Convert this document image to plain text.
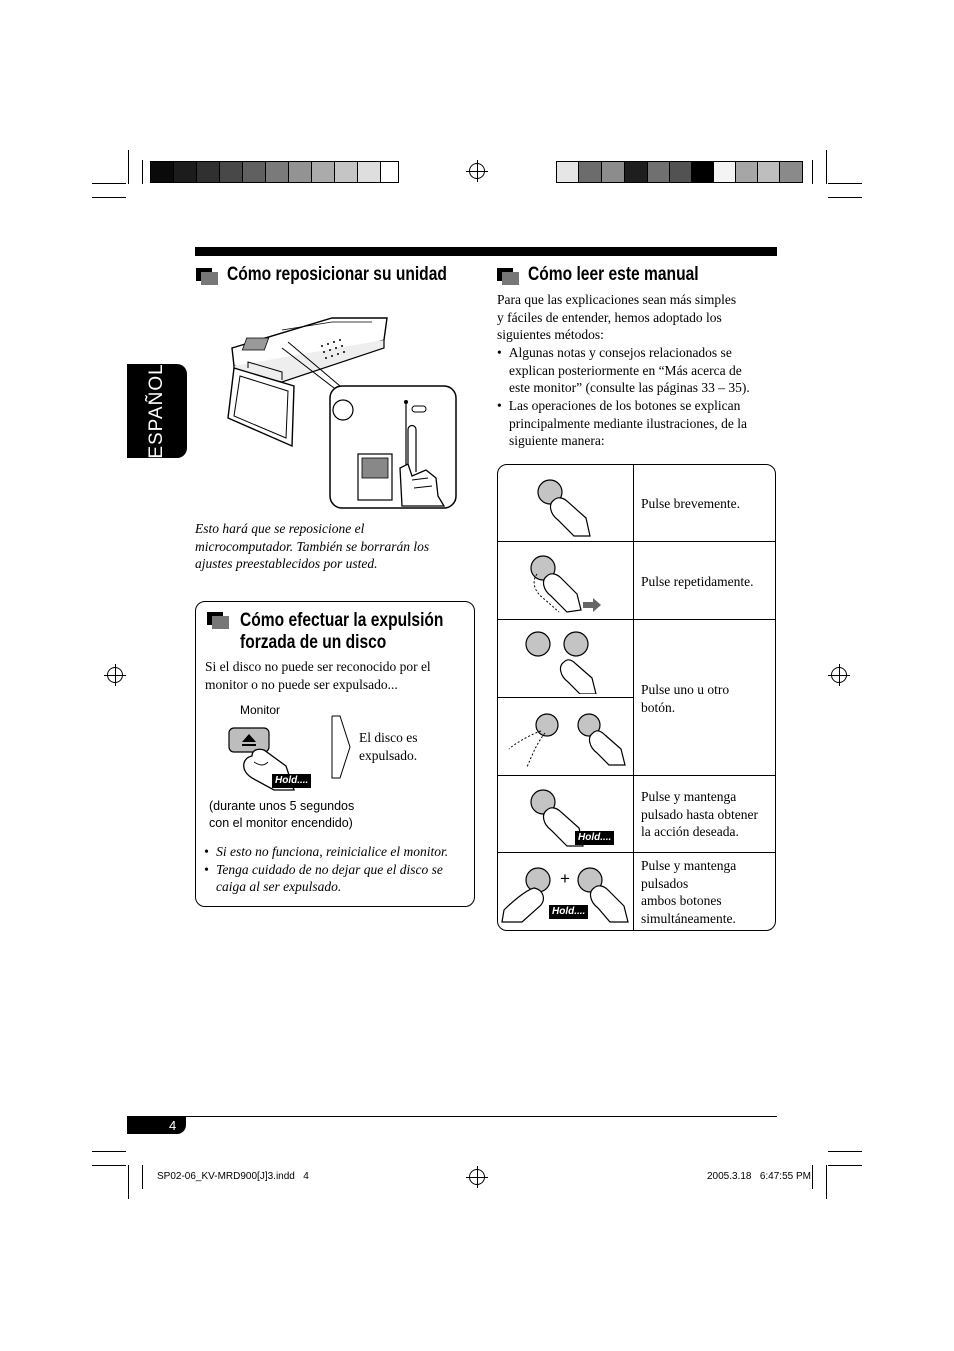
ESPAÑOL
Cómo reposicionar su unidad
Esto hará que se reposicione el
microcomputador. También se borrarán los
ajustes preestablecidos por usted.
Cómo efectuar la expulsión
forzada de un disco
Si el disco no puede ser reconocido por el
monitor o no puede ser expulsado...
Monitor
Hold....
El disco es
expulsado.
(durante unos 5 segundos
con el monitor encendido)
• Si esto no funciona, reinicialice el monitor.
• Tenga cuidado de no dejar que el disco se
caiga al ser expulsado.
Cómo leer este manual
Para que las explicaciones sean más simples
y fáciles de entender, hemos adoptado los
siguientes métodos:
• Algunas notas y consejos relacionados se
explican posteriormente en “Más acerca de
este monitor” (consulte las páginas 33 – 35).
• Las operaciones de los botones se explican
principalmente mediante ilustraciones, de la
siguiente manera:
Pulse brevemente.
Pulse repetidamente.
Pulse uno u otro
botón.
Hold....
Pulse y mantenga
pulsado hasta obtener
la acción deseada.
+
Hold....
Pulse y mantenga
pulsados
ambos botones
simultáneamente.
4
SP02-06_KV-MRD900[J]3.indd   4	2005.3.18   6:47:55 PM
